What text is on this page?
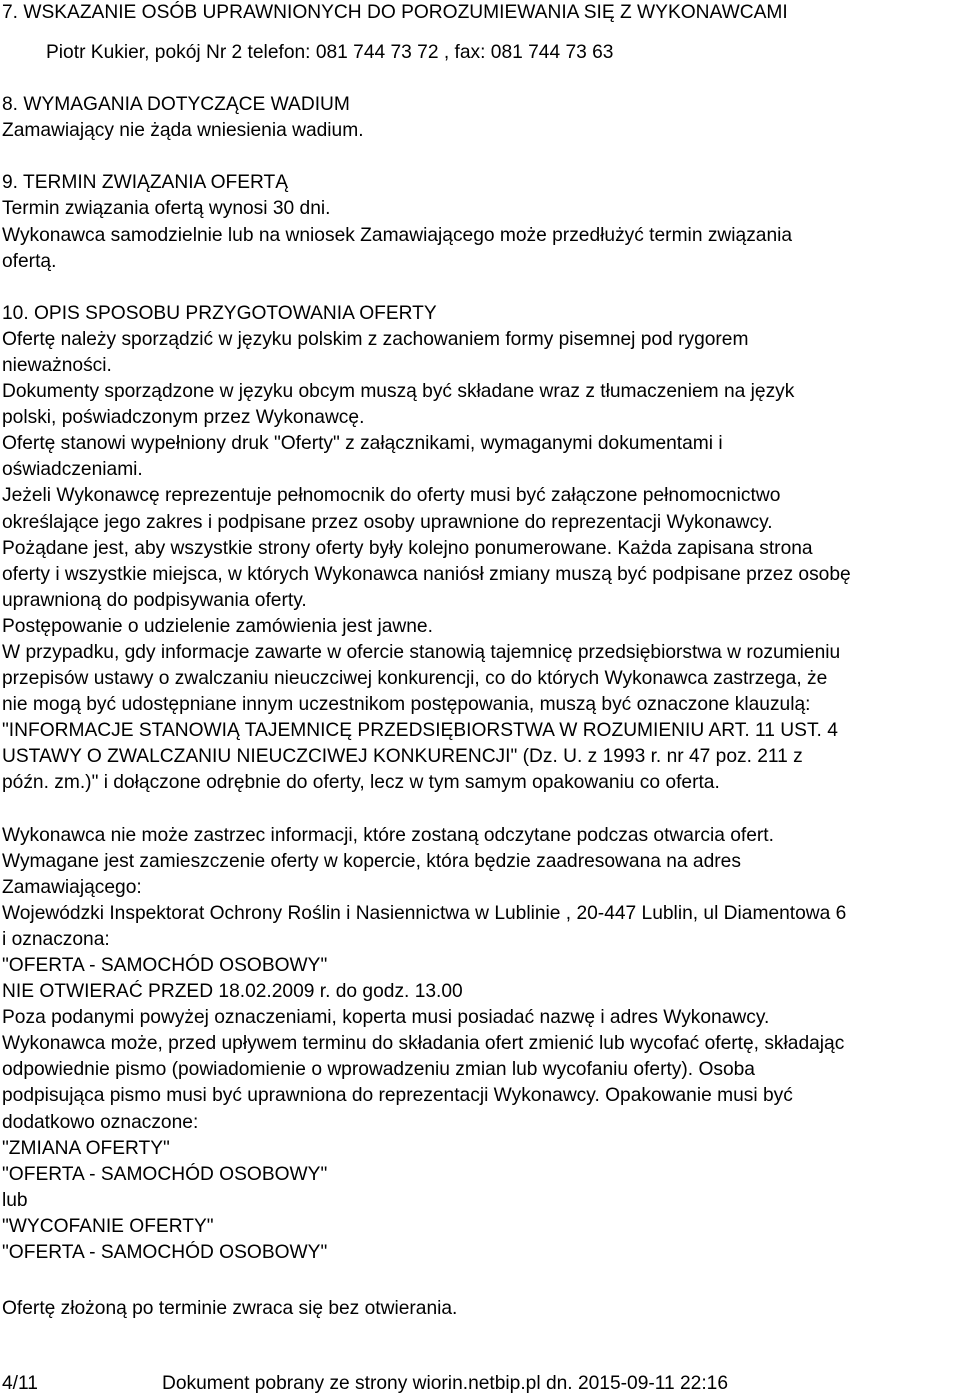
7. WSKAZANIE OSÓB UPRAWNIONYCH DO POROZUMIEWANIA SIĘ Z WYKONAWCAMI
Piotr Kukier, pokój Nr 2 telefon: 081 744 73 72 , fax: 081 744 73 63
8. WYMAGANIA DOTYCZĄCE WADIUM
Zamawiający nie żąda wniesienia wadium.
9. TERMIN ZWIĄZANIA OFERTĄ
Termin związania ofertą wynosi 30 dni.
Wykonawca samodzielnie lub na wniosek Zamawiającego może przedłużyć termin związania
ofertą.
10. OPIS SPOSOBU PRZYGOTOWANIA OFERTY
Ofertę należy sporządzić w języku polskim z zachowaniem formy pisemnej pod rygorem
nieważności.
Dokumenty sporządzone w języku obcym muszą być składane wraz z tłumaczeniem na język
polski, poświadczonym przez Wykonawcę.
Ofertę stanowi wypełniony druk "Oferty" z załącznikami, wymaganymi dokumentami i
oświadczeniami.
Jeżeli Wykonawcę reprezentuje pełnomocnik do oferty musi być załączone pełnomocnictwo
określające jego zakres i podpisane przez osoby uprawnione do reprezentacji Wykonawcy.
Pożądane jest, aby wszystkie strony oferty były kolejno ponumerowane. Każda zapisana strona
oferty i wszystkie miejsca, w których Wykonawca naniósł zmiany muszą być podpisane przez osobę
uprawnioną do podpisywania oferty.
Postępowanie o udzielenie zamówienia jest jawne.
W przypadku, gdy informacje zawarte w ofercie stanowią tajemnicę przedsiębiorstwa w rozumieniu
przepisów ustawy o zwalczaniu nieuczciwej konkurencji, co do których Wykonawca zastrzega, że
nie mogą być udostępniane innym uczestnikom postępowania, muszą być oznaczone klauzulą:
"INFORMACJE STANOWIĄ TAJEMNICĘ PRZEDSIĘBIORSTWA W ROZUMIENIU ART. 11 UST. 4
USTAWY O ZWALCZANIU NIEUCZCIWEJ KONKURENCJI" (Dz. U. z 1993 r. nr 47 poz. 211 z
późn. zm.)" i dołączone odrębnie do oferty, lecz w tym samym opakowaniu co oferta.
Wykonawca nie może zastrzec informacji, które zostaną odczytane podczas otwarcia ofert.
Wymagane jest zamieszczenie oferty w kopercie, która będzie zaadresowana na adres
Zamawiającego:
Wojewódzki Inspektorat Ochrony Roślin i Nasiennictwa w Lublinie , 20-447 Lublin, ul Diamentowa 6
i oznaczona:
"OFERTA - SAMOCHÓD OSOBOWY"
NIE OTWIERAĆ PRZED 18.02.2009 r. do godz. 13.00
Poza podanymi powyżej oznaczeniami, koperta musi posiadać nazwę i adres Wykonawcy.
Wykonawca może, przed upływem terminu do składania ofert zmienić lub wycofać ofertę, składając
odpowiednie pismo (powiadomienie o wprowadzeniu zmian lub wycofaniu oferty). Osoba
podpisująca pismo musi być uprawniona do reprezentacji Wykonawcy. Opakowanie musi być
dodatkowo oznaczone:
"ZMIANA OFERTY"
"OFERTA - SAMOCHÓD OSOBOWY"
lub
"WYCOFANIE OFERTY"
"OFERTA - SAMOCHÓD OSOBOWY"
Ofertę złożoną po terminie zwraca się bez otwierania.
4/11	Dokument pobrany ze strony wiorin.netbip.pl dn. 2015-09-11 22:16
